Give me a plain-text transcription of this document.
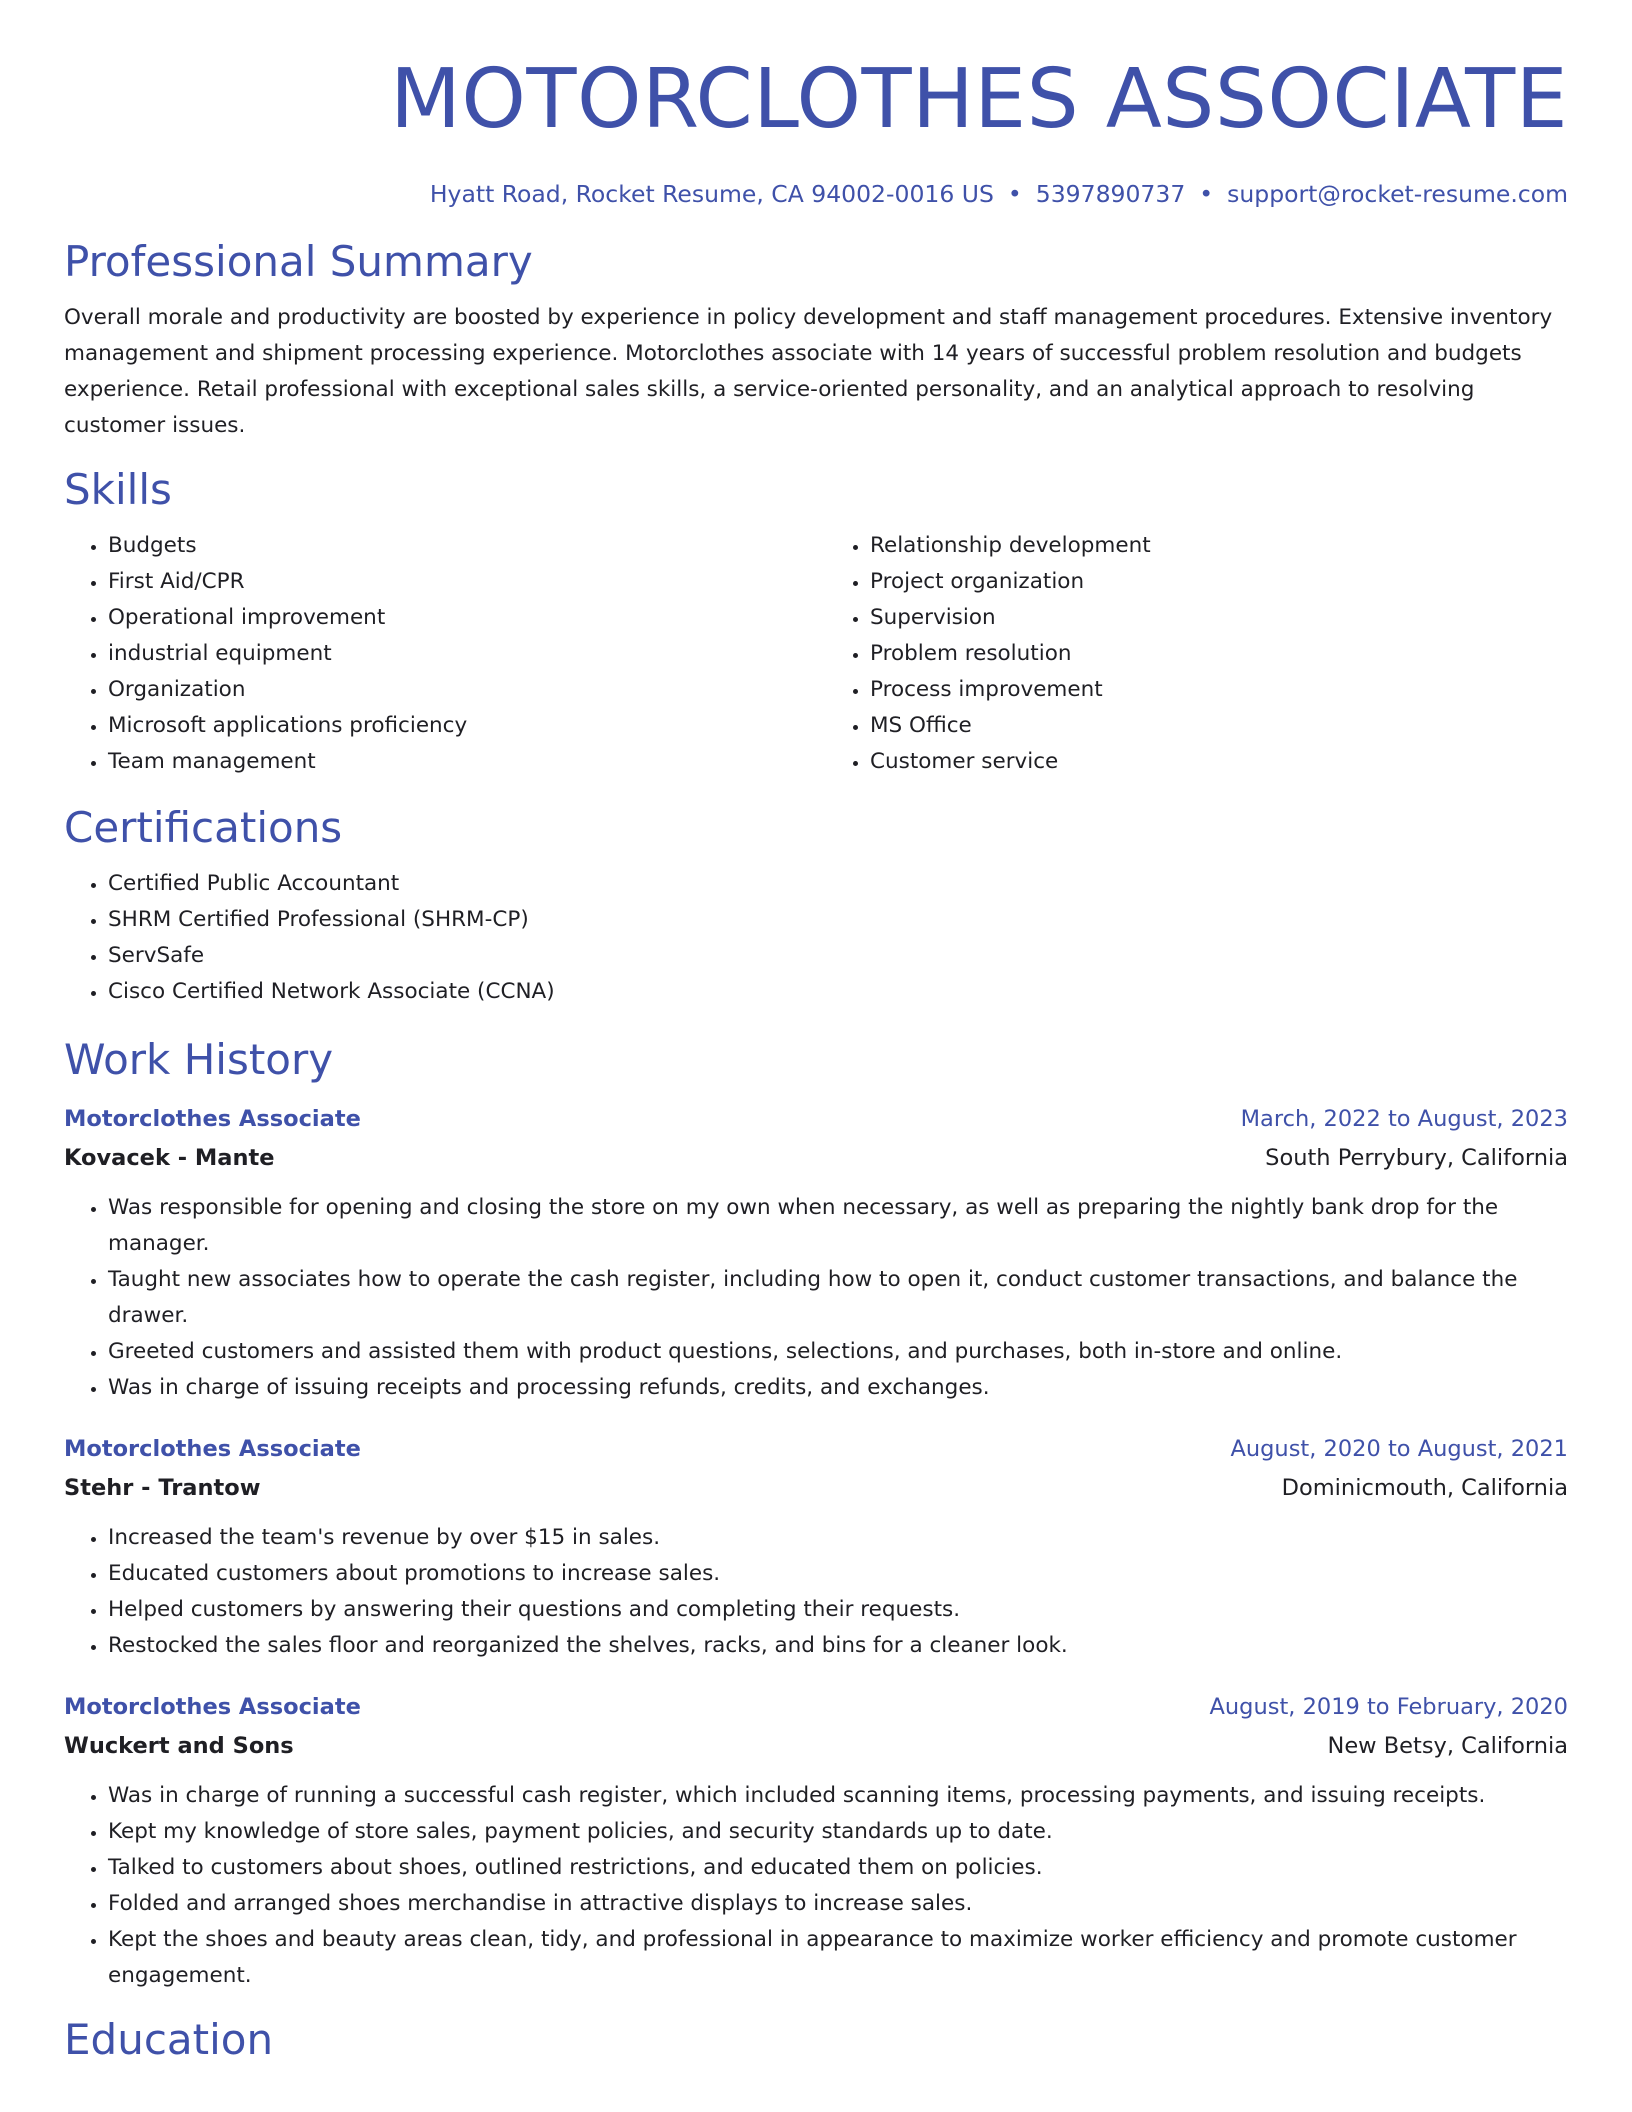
MOTORCLOTHES ASSOCIATE
Hyatt Road, Rocket Resume, CA 94002-0016 US • 5397890737 • support@rocket-resume.com
Professional Summary

Overall morale and productivity are boosted by experience in policy development and staff management procedures. Extensive inventory management and shipment processing experience. Motorclothes associate with 14 years of successful problem resolution and budgets experience. Retail professional with exceptional sales skills, a service-oriented personality, and an analytical approach to resolving customer issues.

Skills
• Budgets
• First Aid/CPR
• Operational improvement
• industrial equipment
• Organization
• Microsoft applications proficiency
• Team management
• Relationship development
• Project organization
• Supervision
• Problem resolution
• Process improvement
• MS Office
• Customer service
Certifications
• Certified Public Accountant
• SHRM Certified Professional (SHRM-CP)
• ServSafe
• Cisco Certified Network Associate (CCNA)
Work History
Motorclothes Associate	March, 2022 to August, 2023
Kovacek - Mante	South Perrybury, California
• Was responsible for opening and closing the store on my own when necessary, as well as preparing the nightly bank drop for the manager.
• Taught new associates how to operate the cash register, including how to open it, conduct customer transactions, and balance the drawer.
• Greeted customers and assisted them with product questions, selections, and purchases, both in-store and online.
• Was in charge of issuing receipts and processing refunds, credits, and exchanges.
Motorclothes Associate	August, 2020 to August, 2021
Stehr - Trantow	Dominicmouth, California
• Increased the team's revenue by over $15 in sales.
• Educated customers about promotions to increase sales.
• Helped customers by answering their questions and completing their requests.
• Restocked the sales floor and reorganized the shelves, racks, and bins for a cleaner look.
Motorclothes Associate	August, 2019 to February, 2020
Wuckert and Sons	New Betsy, California
• Was in charge of running a successful cash register, which included scanning items, processing payments, and issuing receipts.
• Kept my knowledge of store sales, payment policies, and security standards up to date.
• Talked to customers about shoes, outlined restrictions, and educated them on policies.
• Folded and arranged shoes merchandise in attractive displays to increase sales.
• Kept the shoes and beauty areas clean, tidy, and professional in appearance to maximize worker efficiency and promote customer engagement.
Education
